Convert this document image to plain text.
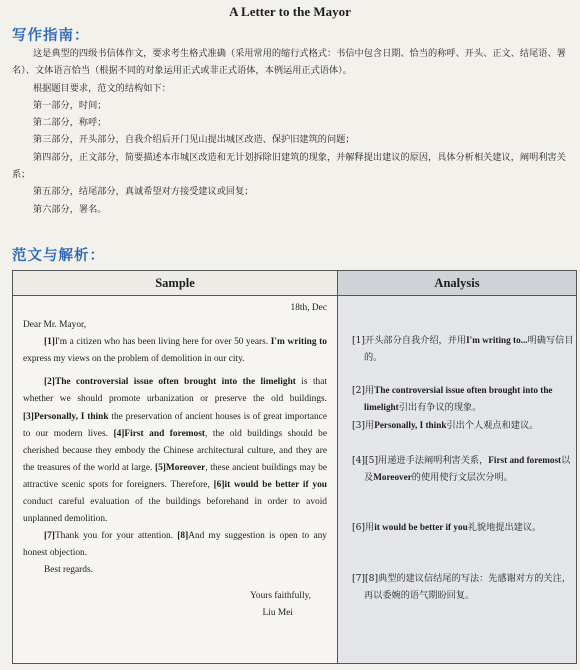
A Letter to the Mayor
写作指南：

这是典型的四级书信体作文，要求考生格式准确（采用常用的缩行式格式：书信中包含日期、恰当的称呼、开头、正文、结尾语、署名）、文体语言恰当（根据不同的对象运用正式或非正式语体，本例运用正式语体）。

根据题目要求，范文的结构如下：

第一部分，时间；

第二部分，称呼；

第三部分，开头部分，自我介绍后开门见山提出城区改造、保护旧建筑的问题；

第四部分，正文部分，简要描述本市城区改造和无计划拆除旧建筑的现象，并解释提出建议的原因，具体分析相关建议，阐明利害关系；

第五部分，结尾部分，真诚希望对方接受建议或回复；

第六部分，署名。

范文与解析：
Sample	Analysis

18th, Dec

Dear Mr. Mayor,

[1]I'm a citizen who has been living here for over 50 years. I'm writing to express my views on the problem of demolition in our city.

[2]The controversial issue often brought into the limelight is that whether we should promote urbanization or preserve the old buildings. [3]Personally, I think the preservation of ancient houses is of great importance to our modern lives. [4]First and foremost, the old buildings should be cherished because they embody the Chinese architectural culture, and they are the treasures of the world at large. [5]Moreover, these ancient buildings may be attractive scenic spots for foreigners. Therefore, [6]it would be better if you conduct careful evaluation of the buildings beforehand in order to avoid unplanned demolition.

[7]Thank you for your attention. [8]And my suggestion is open to any honest objection.

Best regards.

Yours faithfully,

Liu Mei

[1]开头部分自我介绍，并用I'm writing to...明确写信目的。
[2]用The controversial issue often brought into the limelight引出有争议的现象。
[3]用Personally, I think引出个人观点和建议。
[4][5]用递进手法阐明利害关系，First and foremost以及Moreover的使用使行文层次分明。
[6]用it would be better if you礼貌地提出建议。
[7][8]典型的建议信结尾的写法：先感谢对方的关注，再以委婉的语气期盼回复。
